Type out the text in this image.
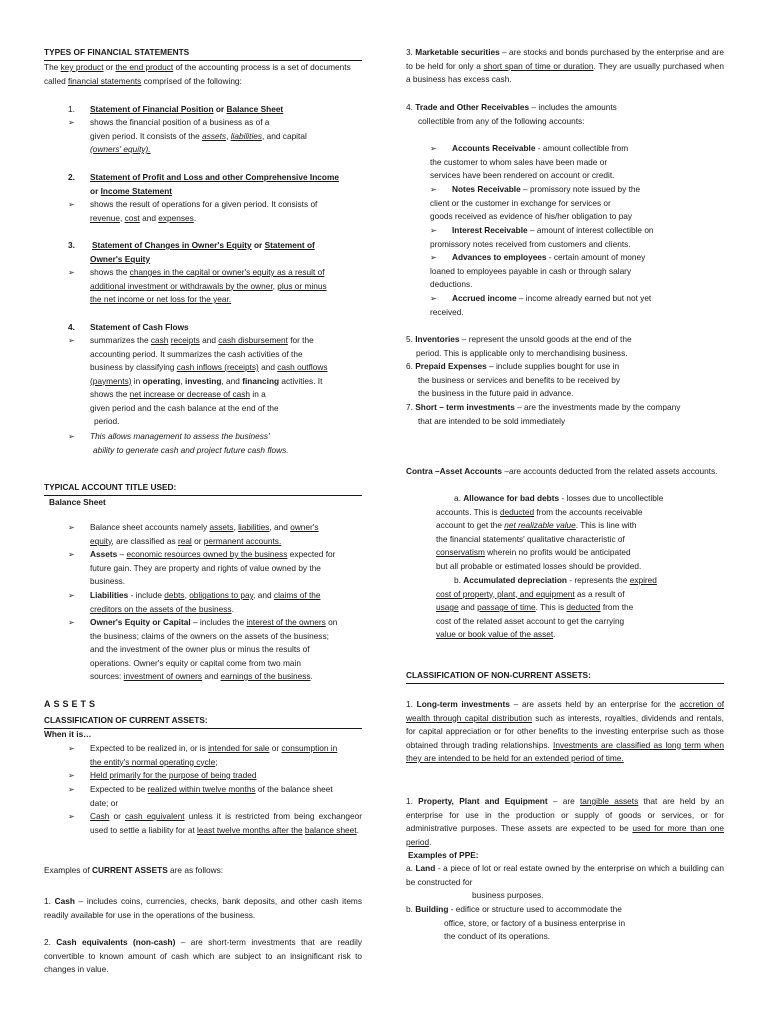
TYPES OF FINANCIAL STATEMENTS
The key product or the end product of the accounting process is a set of documents called financial statements comprised of the following:
1. Statement of Financial Position or Balance Sheet
➢ shows the financial position of a business as of a
given period. It consists of the assets, liabilities, and capital
(owners' equity).
2. Statement of Profit and Loss and other Comprehensive Income
or Income Statement
➢ shows the result of operations for a given period. It consists of
revenue, cost and expenses.
3. Statement of Changes in Owner's Equity or Statement of
Owner's Equity
➢ shows the changes in the capital or owner's equity as a result of
additional investment or withdrawals by the owner, plus or minus
the net income or net loss for the year.
4. Statement of Cash Flows
➢ summarizes the cash receipts and cash disbursement for the
accounting period. It summarizes the cash activities of the
business by classifying cash inflows (receipts) and cash outflows
(payments) in operating, investing, and financing activities. It
shows the net increase or decrease of cash in a
given period and the cash balance at the end of the
period.
➢ This allows management to assess the business'
ability to generate cash and project future cash flows.
TYPICAL ACCOUNT TITLE USED:
Balance Sheet
➢ Balance sheet accounts namely assets, liabilities, and owner's
equity, are classified as real or permanent accounts.
➢ Assets – economic resources owned by the business expected for
future gain. They are property and rights of value owned by the
business.
➢ Liabilities - include debts, obligations to pay, and claims of the
creditors on the assets of the business.
➢ Owner's Equity or Capital – includes the interest of the owners on
the business; claims of the owners on the assets of the business;
and the investment of the owner plus or minus the results of
operations. Owner's equity or capital come from two main
sources: investment of owners and earnings of the business.
ASSETS
CLASSIFICATION OF CURRENT ASSETS:
When it is…
➢ Expected to be realized in, or is intended for sale or consumption in
the entity's normal operating cycle;
➢ Held primarily for the purpose of being traded
➢ Expected to be realized within twelve months of the balance sheet
date; or
➢ Cash or cash equivalent unless it is restricted from being exchangeor used to settle a liability for at least twelve months after the balance sheet.
Examples of CURRENT ASSETS are as follows:
1. Cash – includes coins, currencies, checks, bank deposits, and other cash items readily available for use in the operations of the business.
2. Cash equivalents (non-cash) – are short-term investments that are readily convertible to known amount of cash which are subject to an insignificant risk to changes in value.
3. Marketable securities – are stocks and bonds purchased by the enterprise and are to be held for only a short span of time or duration. They are usually purchased when a business has excess cash.
4. Trade and Other Receivables – includes the amounts
collectible from any of the following accounts:
➢	Accounts Receivable - amount collectible from
the customer to whom sales have been made or
services have been rendered on account or credit.
➢	Notes Receivable – promissory note issued by the
client or the customer in exchange for services or
goods received as evidence of his/her obligation to pay
➢	Interest Receivable – amount of interest collectible on
promissory notes received from customers and clients.
➢	Advances to employees - certain amount of money
loaned to employees payable in cash or through salary
deductions.
➢	Accrued income – income already earned but not yet
received.
5. Inventories – represent the unsold goods at the end of the
period. This is applicable only to merchandising business.
6. Prepaid Expenses – include supplies bought for use in
the business or services and benefits to be received by
the business in the future paid in advance.
7. Short – term investments – are the investments made by the company
that are intended to be sold immediately
Contra –Asset Accounts –are accounts deducted from the related assets accounts.
a. Allowance for bad debts - losses due to uncollectible
accounts. This is deducted from the accounts receivable
account to get the net realizable value. This is line with
the financial statements' qualitative characteristic of
conservatism wherein no profits would be anticipated
but all probable or estimated losses should be provided.
b. Accumulated depreciation - represents the expired
cost of property, plant, and equipment as a result of
usage and passage of time. This is deducted from the
cost of the related asset account to get the carrying
value or book value of the asset.
CLASSIFICATION OF NON-CURRENT ASSETS:
1. Long-term investments – are assets held by an enterprise for the accretion of wealth through capital distribution such as interests, royalties, dividends and rentals, for capital appreciation or for other benefits to the investing enterprise such as those obtained through trading relationships. Investments are classified as long term when they are intended to be held for an extended period of time.
1. Property, Plant and Equipment – are tangible assets that are held by an enterprise for use in the production or supply of goods or services, or for administrative purposes. These assets are expected to be used for more than one period.
Examples of PPE:
a. Land - a piece of lot or real estate owned by the enterprise on which a building can be constructed for
business purposes.
b. Building - edifice or structure used to accommodate the
office, store, or factory of a business enterprise in
the conduct of its operations.
